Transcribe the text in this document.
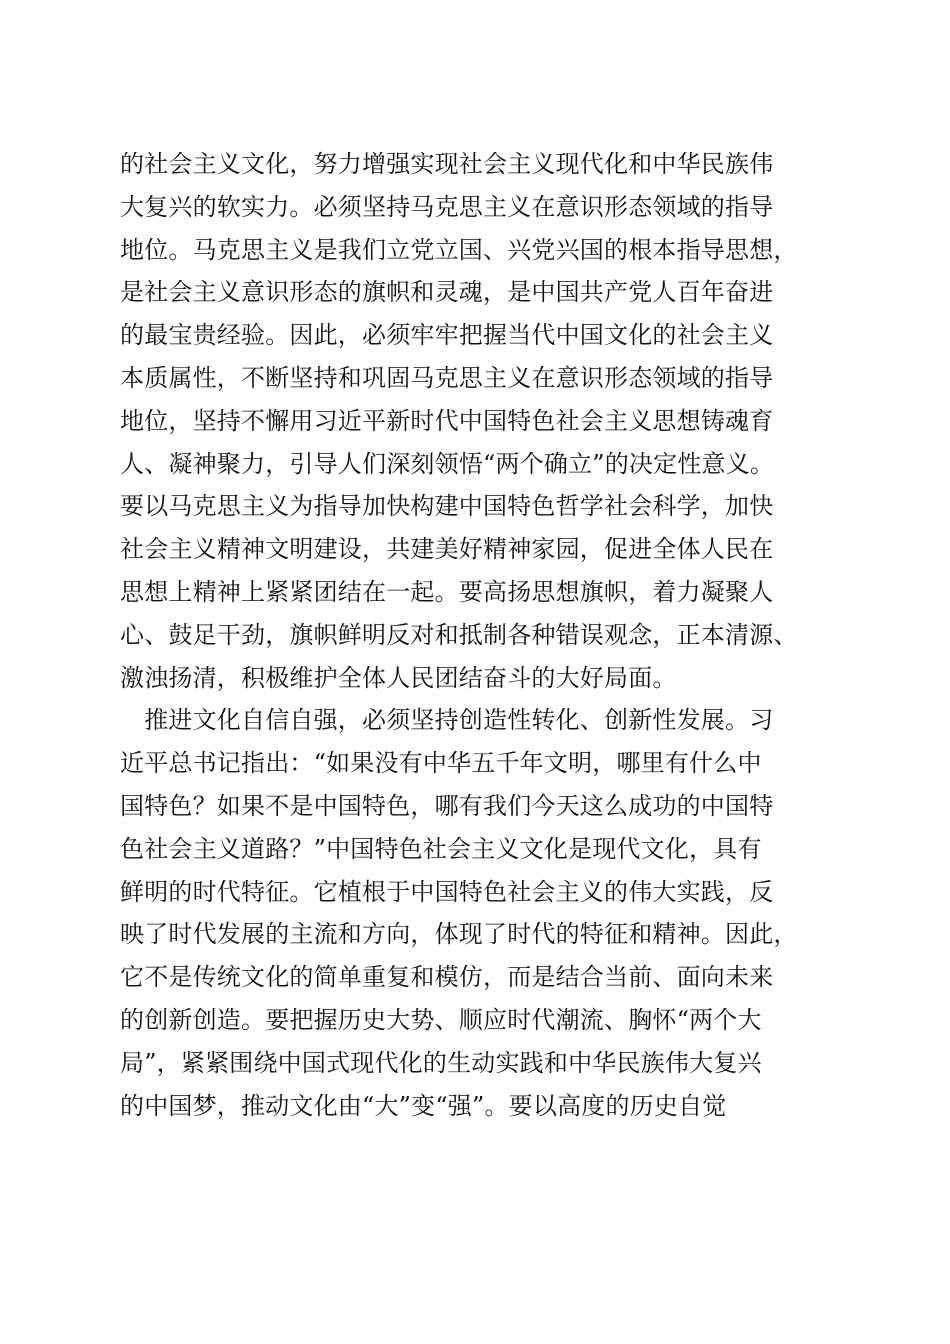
的社会主义文化，努力增强实现社会主义现代化和中华民族伟
大复兴的软实力。必须坚持马克思主义在意识形态领域的指导
地位。马克思主义是我们立党立国、兴党兴国的根本指导思想，
是社会主义意识形态的旗帜和灵魂，是中国共产党人百年奋进
的最宝贵经验。因此，必须牢牢把握当代中国文化的社会主义
本质属性，不断坚持和巩固马克思主义在意识形态领域的指导
地位，坚持不懈用习近平新时代中国特色社会主义思想铸魂育
人、凝神聚力，引导人们深刻领悟“两个确立”的决定性意义。
要以马克思主义为指导加快构建中国特色哲学社会科学，加快
社会主义精神文明建设，共建美好精神家园，促进全体人民在
思想上精神上紧紧团结在一起。要高扬思想旗帜，着力凝聚人
心、鼓足干劲，旗帜鲜明反对和抵制各种错误观念，正本清源、
激浊扬清，积极维护全体人民团结奋斗的大好局面。
　推进文化自信自强，必须坚持创造性转化、创新性发展。习
近平总书记指出：“如果没有中华五千年文明，哪里有什么中
国特色？如果不是中国特色，哪有我们今天这么成功的中国特
色社会主义道路？”中国特色社会主义文化是现代文化，具有
鲜明的时代特征。它植根于中国特色社会主义的伟大实践，反
映了时代发展的主流和方向，体现了时代的特征和精神。因此，
它不是传统文化的简单重复和模仿，而是结合当前、面向未来
的创新创造。要把握历史大势、顺应时代潮流、胸怀“两个大
局”，紧紧围绕中国式现代化的生动实践和中华民族伟大复兴
的中国梦，推动文化由“大”变“强”。要以高度的历史自觉
